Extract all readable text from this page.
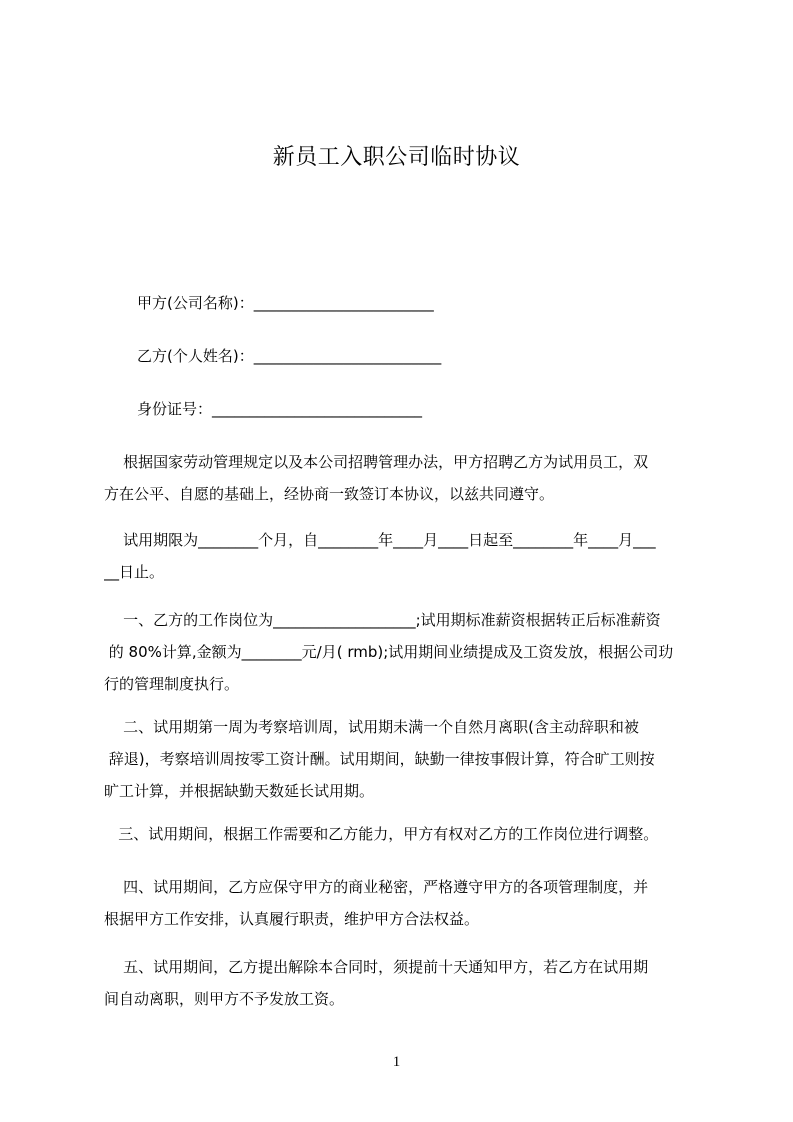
新员工入职公司临时协议
甲方(公司名称)：________________________
乙方(个人姓名)：_________________________
身份证号：____________________________
根据国家劳动管理规定以及本公司招聘管理办法，甲方招聘乙方为试用员工，双
方在公平、自愿的基础上，经协商一致签订本协议，以兹共同遵守。
试用期限为________个月，自________年____月____日起至________年____月___
__日止。
一、乙方的工作岗位为___________________;试用期标准薪资根据转正后标准薪资
的 80%计算,金额为________元/月( rmb);试用期间业绩提成及工资发放，根据公司玏
行的管理制度执行。
二、试用期第一周为考察培训周，试用期未满一个自然月离职(含主动辞职和被
辞退)，考察培训周按零工资计酬。试用期间，缺勤一律按事假计算，符合旷工则按
旷工计算，并根据缺勤天数延长试用期。
三、试用期间，根据工作需要和乙方能力，甲方有权对乙方的工作岗位进行调整。
四、试用期间，乙方应保守甲方的商业秘密，严格遵守甲方的各项管理制度，并
根据甲方工作安排，认真履行职责，维护甲方合法权益。
五、试用期间，乙方提出解除本合同时，须提前十天通知甲方，若乙方在试用期
间自动离职，则甲方不予发放工资。
1
